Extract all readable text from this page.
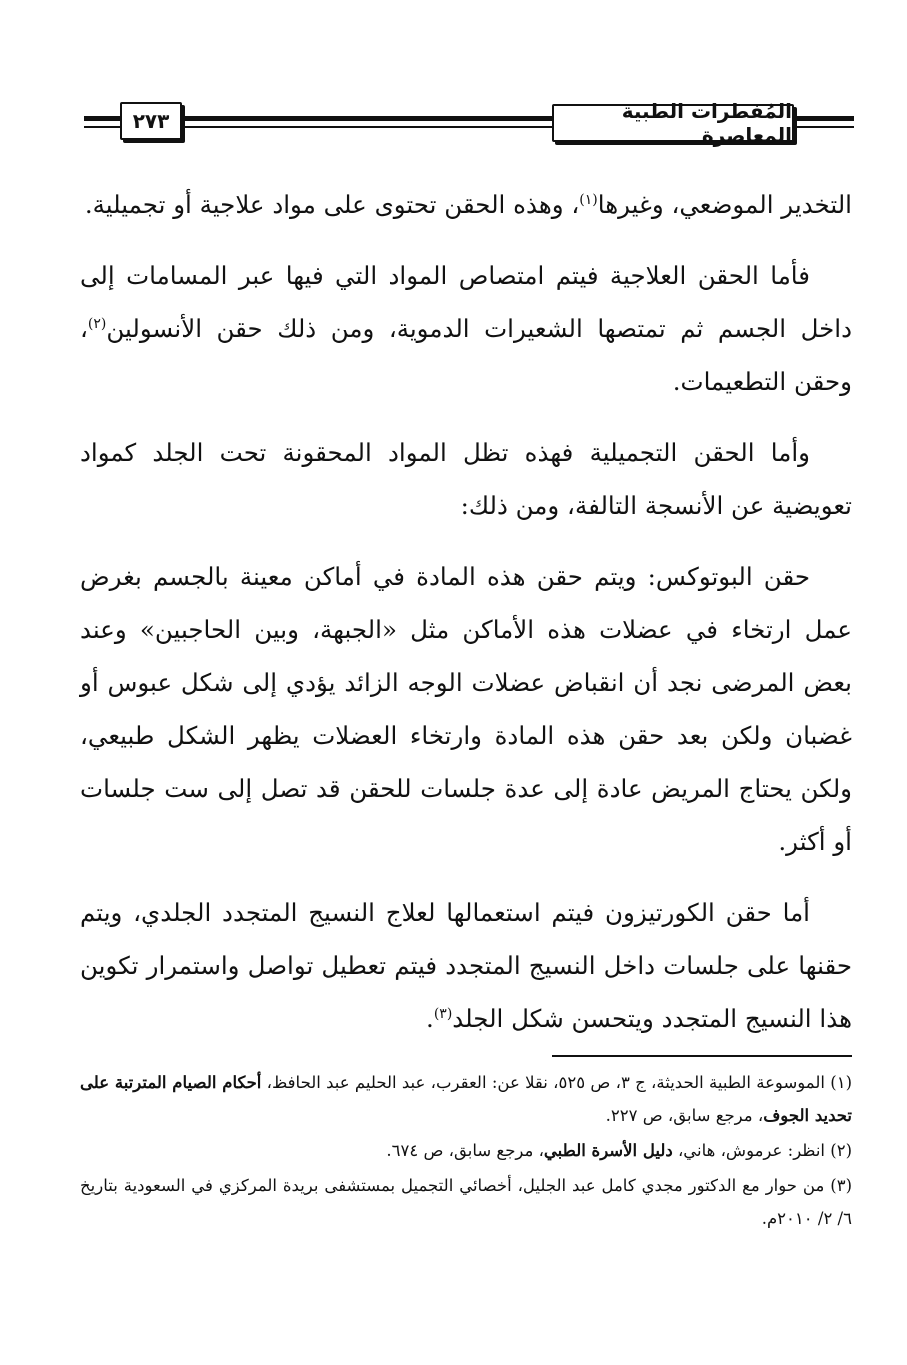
المُفطرات الطبية المعاصرة
٢٧٣

التخدير الموضعي، وغيرها$^{(١)}$، وهذه الحقن تحتوى على مواد علاجية أو تجميلية.

فأما الحقن العلاجية فيتم امتصاص المواد التي فيها عبر المسامات إلى داخل الجسم ثم تمتصها الشعيرات الدموية، ومن ذلك حقن الأنسولين$^{(٢)}$، وحقن التطعيمات.

وأما الحقن التجميلية فهذه تظل المواد المحقونة تحت الجلد كمواد تعويضية عن الأنسجة التالفة، ومن ذلك:

حقن البوتوكس: ويتم حقن هذه المادة في أماكن معينة بالجسم بغرض عمل ارتخاء في عضلات هذه الأماكن مثل «الجبهة، وبين الحاجبين» وعند بعض المرضى نجد أن انقباض عضلات الوجه الزائد يؤدي إلى شكل عبوس أو غضبان ولكن بعد حقن هذه المادة وارتخاء العضلات يظهر الشكل طبيعي، ولكن يحتاج المريض عادة إلى عدة جلسات للحقن قد تصل إلى ست جلسات أو أكثر.

أما حقن الكورتيزون فيتم استعمالها لعلاج النسيج المتجدد الجلدي، ويتم حقنها على جلسات داخل النسيج المتجدد فيتم تعطيل تواصل واستمرار تكوين هذا النسيج المتجدد ويتحسن شكل الجلد$^{(٣)}$.

(١) الموسوعة الطبية الحديثة، ج ٣، ص ٥٢٥، نقلا عن: العقرب، عبد الحليم عبد الحافظ، أحكام الصيام المترتبة على تحديد الجوف، مرجع سابق، ص ٢٢٧.

(٢) انظر: عرموش، هاني، دليل الأسرة الطبي، مرجع سابق، ص ٦٧٤.

(٣) من حوار مع الدكتور مجدي كامل عبد الجليل، أخصائي التجميل بمستشفى بريدة المركزي في السعودية بتاريخ ٦/ ٢/ ٢٠١٠م.
